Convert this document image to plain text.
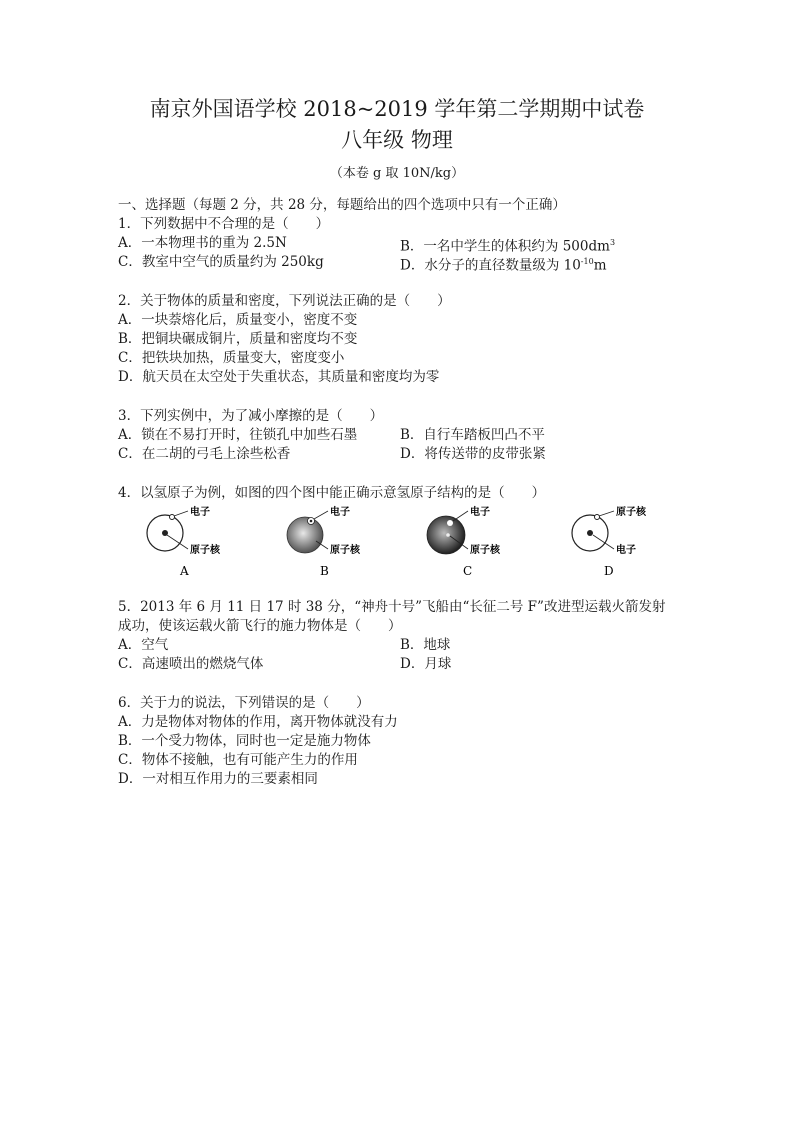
南京外国语学校 2018~2019 学年第二学期期中试卷
八年级 物理
（本卷 g 取 10N/kg）
一、选择题（每题 2 分，共 28 分，每题给出的四个选项中只有一个正确）
1．下列数据中不合理的是（　　）
A．一本物理书的重为 2.5N	B．一名中学生的体积约为 $500dm^3$
C．教室中空气的质量约为 250kg	D．水分子的直径数量级为 $10^{-10}m$
2．关于物体的质量和密度，下列说法正确的是（　　）
A．一块萘熔化后，质量变小，密度不变
B．把铜块碾成铜片，质量和密度均不变
C．把铁块加热，质量变大，密度变小
D．航天员在太空处于失重状态，其质量和密度均为零
3．下列实例中，为了减小摩擦的是（　　）
A．锁在不易打开时，往锁孔中加些石墨	B．自行车踏板凹凸不平
C．在二胡的弓毛上涂些松香	D．将传送带的皮带张紧
4．以氢原子为例，如图的四个图中能正确示意氢原子结构的是（　　）
电子
原子核
A
电子
原子核
B
电子
原子核
C
原子核
电子
D
5．2013 年 6 月 11 日 17 时 38 分，“神舟十号”飞船由“长征二号 F”改进型运载火箭发射
成功，使该运载火箭飞行的施力物体是（　　）
A．空气	B．地球
C．高速喷出的燃烧气体	D．月球
6．关于力的说法，下列错误的是（　　）
A．力是物体对物体的作用，离开物体就没有力
B．一个受力物体，同时也一定是施力物体
C．物体不接触，也有可能产生力的作用
D．一对相互作用力的三要素相同
